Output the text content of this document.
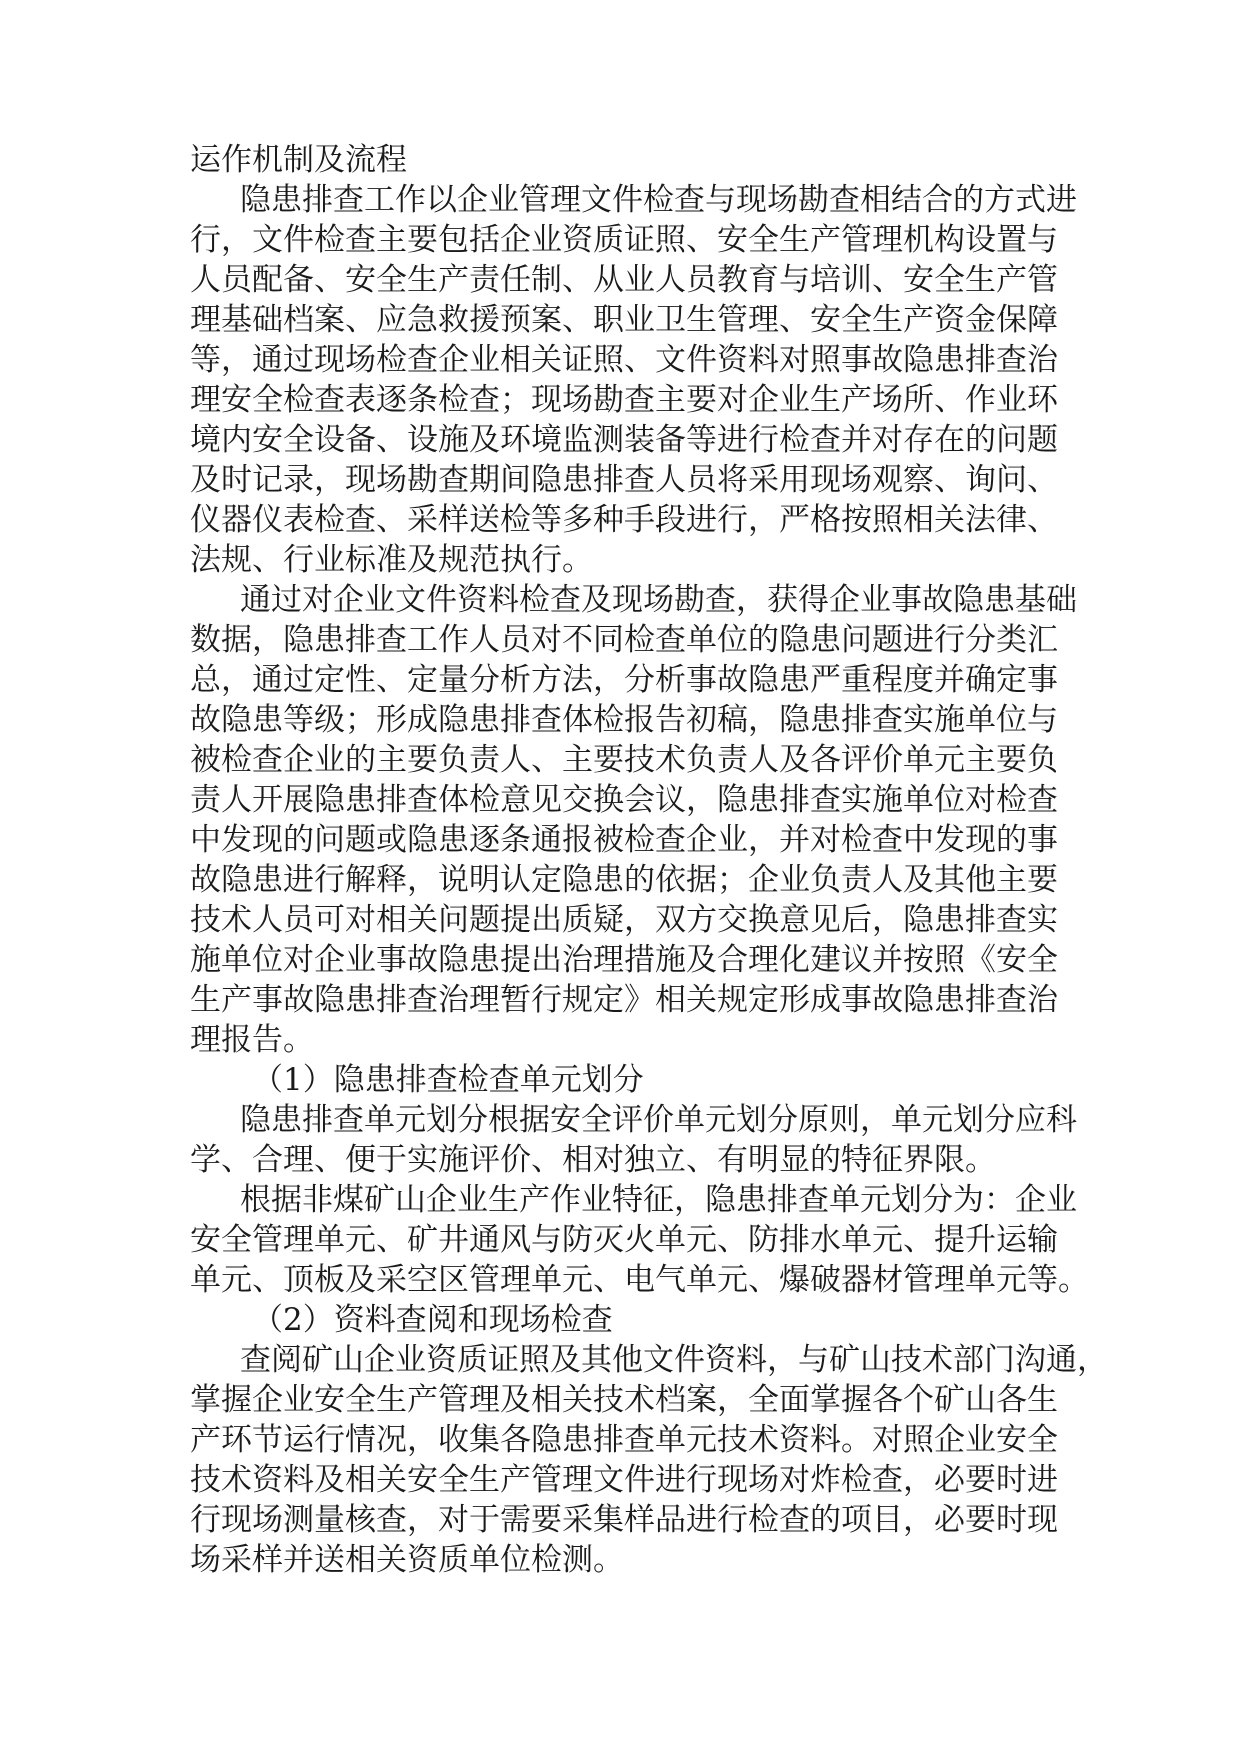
运作机制及流程
隐患排查工作以企业管理文件检查与现场勘查相结合的方式进
行，文件检查主要包括企业资质证照、安全生产管理机构设置与
人员配备、安全生产责任制、从业人员教育与培训、安全生产管
理基础档案、应急救援预案、职业卫生管理、安全生产资金保障
等，通过现场检查企业相关证照、文件资料对照事故隐患排查治
理安全检查表逐条检查；现场勘查主要对企业生产场所、作业环
境内安全设备、设施及环境监测装备等进行检查并对存在的问题
及时记录，现场勘查期间隐患排查人员将采用现场观察、询问、
仪器仪表检查、采样送检等多种手段进行，严格按照相关法律、
法规、行业标准及规范执行。
通过对企业文件资料检查及现场勘查，获得企业事故隐患基础
数据，隐患排查工作人员对不同检查单位的隐患问题进行分类汇
总，通过定性、定量分析方法，分析事故隐患严重程度并确定事
故隐患等级；形成隐患排查体检报告初稿，隐患排查实施单位与
被检查企业的主要负责人、主要技术负责人及各评价单元主要负
责人开展隐患排查体检意见交换会议，隐患排查实施单位对检查
中发现的问题或隐患逐条通报被检查企业，并对检查中发现的事
故隐患进行解释，说明认定隐患的依据；企业负责人及其他主要
技术人员可对相关问题提出质疑，双方交换意见后，隐患排查实
施单位对企业事故隐患提出治理措施及合理化建议并按照《安全
生产事故隐患排查治理暂行规定》相关规定形成事故隐患排查治
理报告。
（1）隐患排查检查单元划分
隐患排查单元划分根据安全评价单元划分原则，单元划分应科
学、合理、便于实施评价、相对独立、有明显的特征界限。
根据非煤矿山企业生产作业特征，隐患排查单元划分为：企业
安全管理单元、矿井通风与防灭火单元、防排水单元、提升运输
单元、顶板及采空区管理单元、电气单元、爆破器材管理单元等。
（2）资料查阅和现场检查
查阅矿山企业资质证照及其他文件资料，与矿山技术部门沟通，
掌握企业安全生产管理及相关技术档案，全面掌握各个矿山各生
产环节运行情况，收集各隐患排查单元技术资料。对照企业安全
技术资料及相关安全生产管理文件进行现场对炸检查，必要时进
行现场测量核查，对于需要采集样品进行检查的项目，必要时现
场采样并送相关资质单位检测。
